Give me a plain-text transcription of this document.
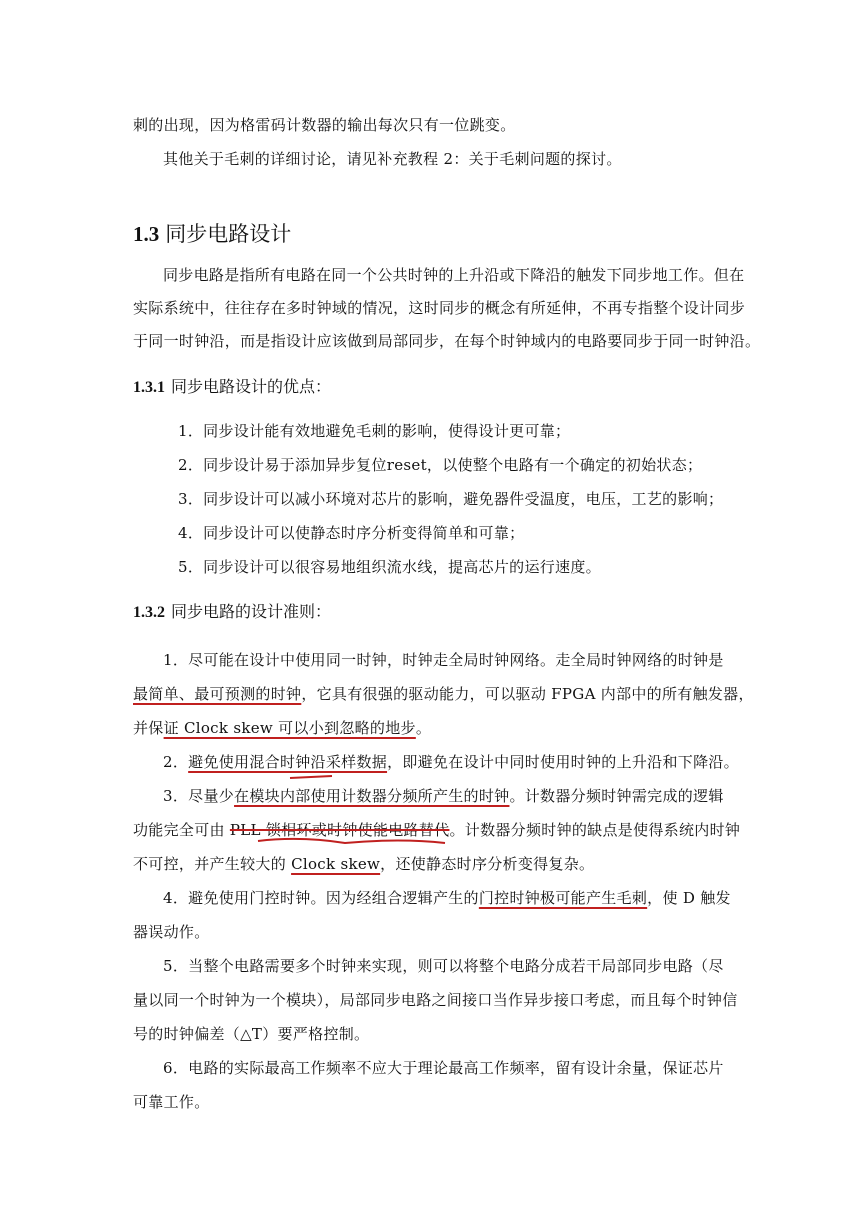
刺的出现，因为格雷码计数器的输出每次只有一位跳变。
其他关于毛刺的详细讨论，请见补充教程 2：关于毛刺问题的探讨。
1.3 同步电路设计
同步电路是指所有电路在同一个公共时钟的上升沿或下降沿的触发下同步地工作。但在
实际系统中，往往存在多时钟域的情况，这时同步的概念有所延伸，不再专指整个设计同步
于同一时钟沿，而是指设计应该做到局部同步，在每个时钟域内的电路要同步于同一时钟沿。
1.3.1 同步电路设计的优点：
1．同步设计能有效地避免毛刺的影响，使得设计更可靠；
2．同步设计易于添加异步复位reset，以使整个电路有一个确定的初始状态；
3．同步设计可以减小环境对芯片的影响，避免器件受温度，电压，工艺的影响；
4．同步设计可以使静态时序分析变得简单和可靠；
5．同步设计可以很容易地组织流水线，提高芯片的运行速度。
1.3.2 同步电路的设计准则：
1．尽可能在设计中使用同一时钟，时钟走全局时钟网络。走全局时钟网络的时钟是
最简单、最可预测的时钟，它具有很强的驱动能力，可以驱动 FPGA 内部中的所有触发器，
并保证 Clock skew 可以小到忽略的地步。
2．避免使用混合时钟沿采样数据，即避免在设计中同时使用时钟的上升沿和下降沿。
3．尽量少在模块内部使用计数器分频所产生的时钟。计数器分频时钟需完成的逻辑
功能完全可由 PLL 锁相环或时钟使能电路替代。计数器分频时钟的缺点是使得系统内时钟
不可控，并产生较大的 Clock skew，还使静态时序分析变得复杂。
4．避免使用门控时钟。因为经组合逻辑产生的门控时钟极可能产生毛刺，使 D 触发
器误动作。
5．当整个电路需要多个时钟来实现，则可以将整个电路分成若干局部同步电路（尽
量以同一个时钟为一个模块），局部同步电路之间接口当作异步接口考虑，而且每个时钟信
号的时钟偏差（△T）要严格控制。
6．电路的实际最高工作频率不应大于理论最高工作频率，留有设计余量，保证芯片
可靠工作。
